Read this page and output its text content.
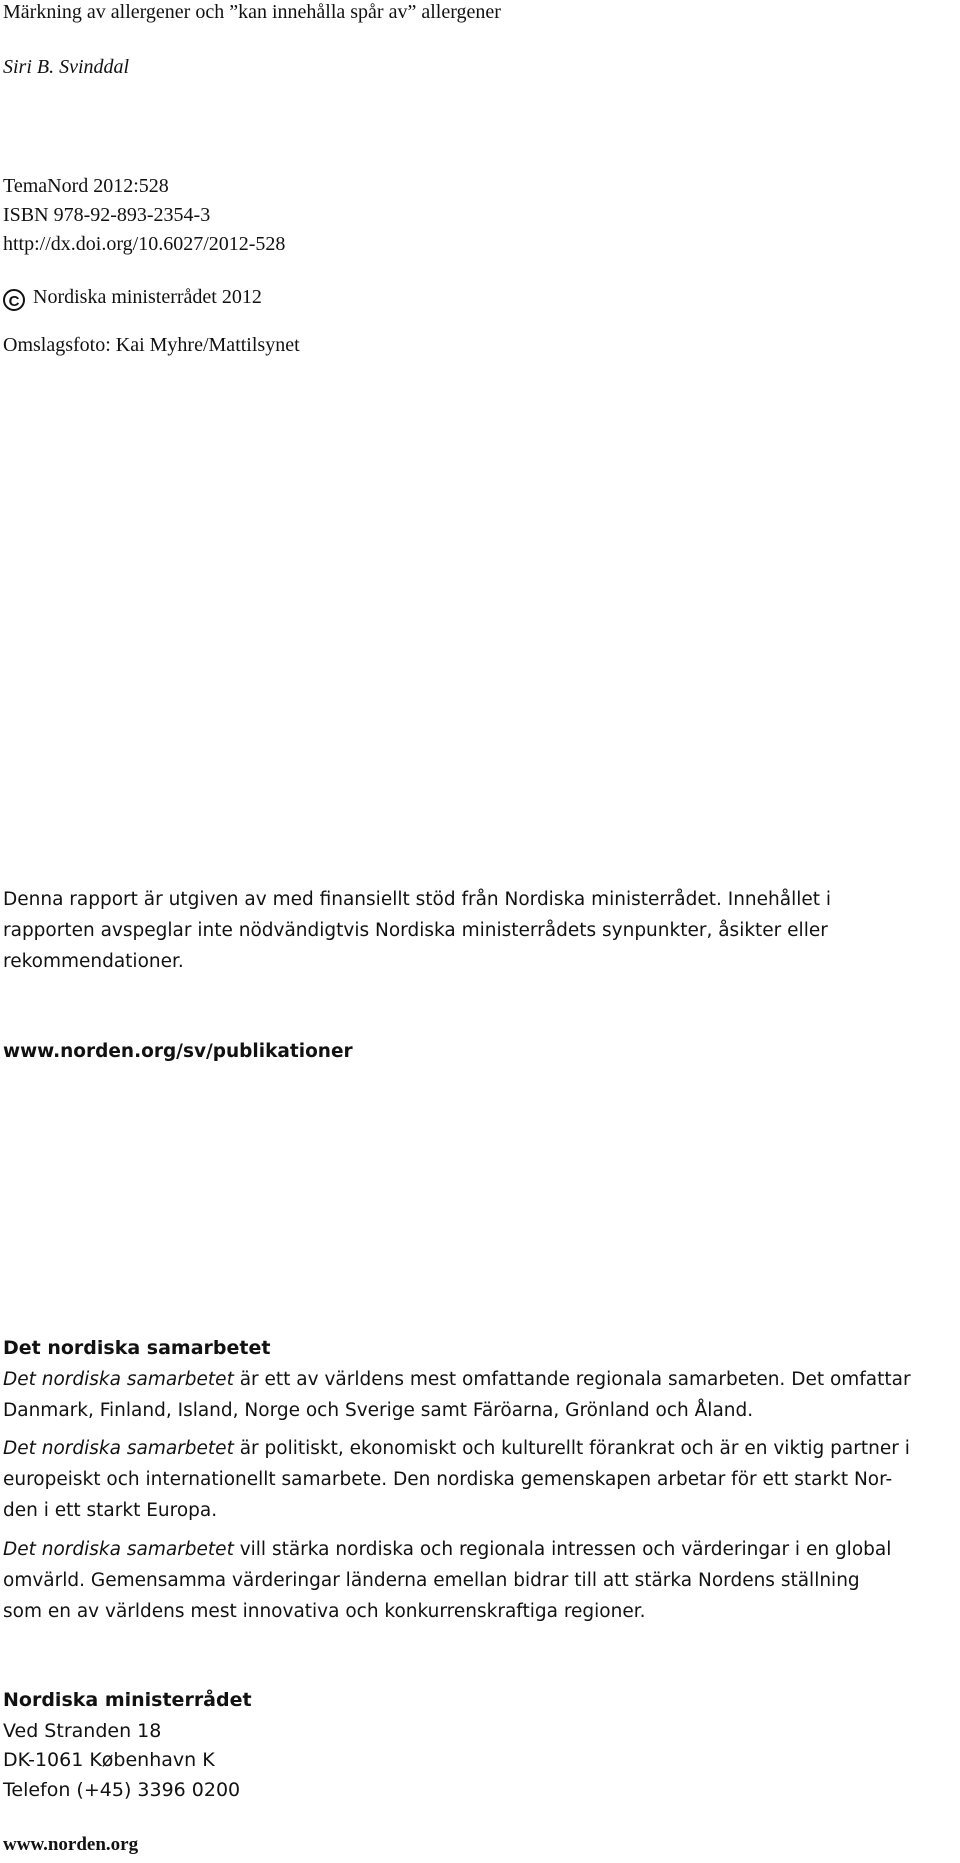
Märkning av allergener och ”kan innehålla spår av” allergener
Siri B. Svinddal
TemaNord 2012:528
ISBN 978-92-893-2354-3
http://dx.doi.org/10.6027/2012-528
C Nordiska ministerrådet 2012
Omslagsfoto: Kai Myhre/Mattilsynet
Denna rapport är utgiven av med finansiellt stöd från Nordiska ministerrådet. Innehållet i
rapporten avspeglar inte nödvändigtvis Nordiska ministerrådets synpunkter, åsikter eller
rekommendationer.
www.norden.org/sv/publikationer
Det nordiska samarbetet
Det nordiska samarbetet är ett av världens mest omfattande regionala samarbeten. Det omfattar
Danmark, Finland, Island, Norge och Sverige samt Färöarna, Grönland och Åland.
Det nordiska samarbetet är politiskt, ekonomiskt och kulturellt förankrat och är en viktig partner i
europeiskt och internationellt samarbete. Den nordiska gemenskapen arbetar för ett starkt Nor-
den i ett starkt Europa.
Det nordiska samarbetet vill stärka nordiska och regionala intressen och värderingar i en global
omvärld. Gemensamma värderingar länderna emellan bidrar till att stärka Nordens ställning
som en av världens mest innovativa och konkurrenskraftiga regioner.
Nordiska ministerrådet
Ved Stranden 18
DK-1061 København K
Telefon (+45) 3396 0200
www.norden.org
